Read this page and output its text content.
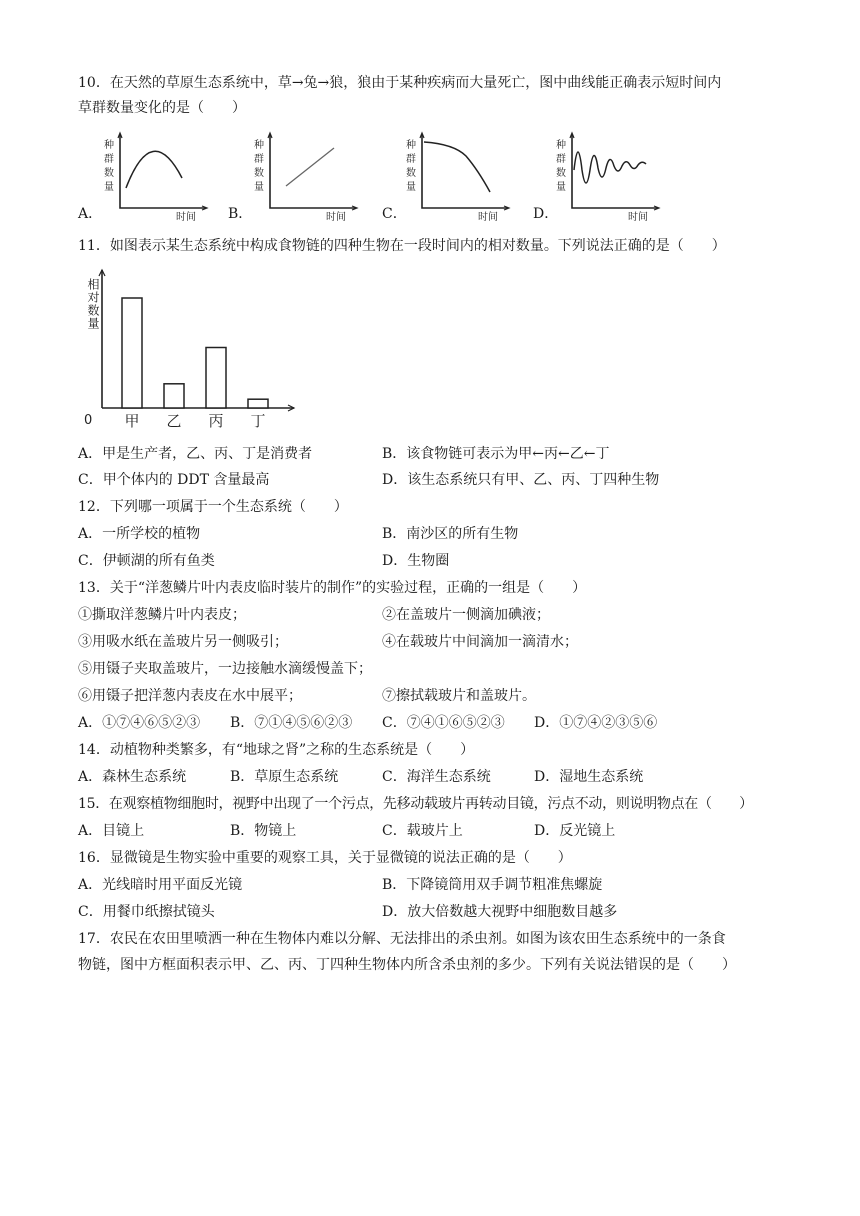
10．在天然的草原生态系统中，草→兔→狼，狼由于某种疾病而大量死亡，图中曲线能正确表示短时间内
草群数量变化的是（　　）
A．
种
群
数
量
时间 B．
种
群
数
量
时间	C．
种
群
数
量
时间	D．
种
群
数
量
时间
11．如图表示某生态系统中构成食物链的四种生物在一段时间内的相对数量。下列说法正确的是（　　）
相对数量
0 甲 乙 丙 丁
A．甲是生产者，乙、丙、丁是消费者	B．该食物链可表示为甲←丙←乙←丁
C．甲个体内的 DDT 含量最高	D．该生态系统只有甲、乙、丙、丁四种生物
12．下列哪一项属于一个生态系统（　　）
A．一所学校的植物	B．南沙区的所有生物
C．伊顿湖的所有鱼类	D．生物圈
13．关于“洋葱鳞片叶内表皮临时装片的制作”的实验过程，正确的一组是（　　）
①撕取洋葱鳞片叶内表皮；	②在盖玻片一侧滴加碘液；
③用吸水纸在盖玻片另一侧吸引；	④在载玻片中间滴加一滴清水；
⑤用镊子夹取盖玻片，一边接触水滴缓慢盖下；
⑥用镊子把洋葱内表皮在水中展平；	⑦擦拭载玻片和盖玻片。
A．①⑦④⑥⑤②③ B．⑦①④⑤⑥②③ C．⑦④①⑥⑤②③ D．①⑦④②③⑤⑥
14．动植物种类繁多，有“地球之肾”之称的生态系统是（　　）
A．森林生态系统	B．草原生态系统	C．海洋生态系统	D．湿地生态系统
15．在观察植物细胞时，视野中出现了一个污点，先移动载玻片再转动目镜，污点不动，则说明物点在（　　）
A．目镜上	B．物镜上	C．载玻片上	D．反光镜上
16．显微镜是生物实验中重要的观察工具，关于显微镜的说法正确的是（　　）
A．光线暗时用平面反光镜	B．下降镜筒用双手调节粗准焦螺旋
C．用餐巾纸擦拭镜头	D．放大倍数越大视野中细胞数目越多
17．农民在农田里喷洒一种在生物体内难以分解、无法排出的杀虫剂。如图为该农田生态系统中的一条食
物链，图中方框面积表示甲、乙、丙、丁四种生物体内所含杀虫剂的多少。下列有关说法错误的是（　　）
